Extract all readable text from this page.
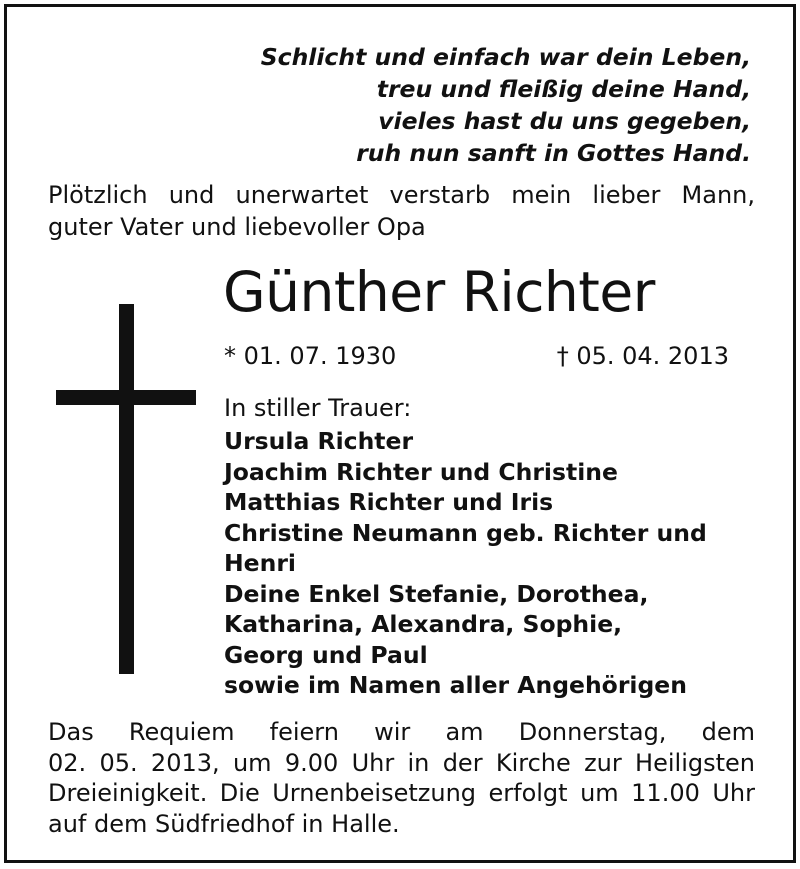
Schlicht und einfach war dein Leben,
treu und fleißig deine Hand,
vieles hast du uns gegeben,
ruh nun sanft in Gottes Hand.
Plötzlich und unerwartet verstarb mein lieber Mann,
guter Vater und liebevoller Opa
Günther Richter
* 01. 07. 1930	† 05. 04. 2013
In stiller Trauer:
Ursula Richter
Joachim Richter und Christine
Matthias Richter und Iris
Christine Neumann geb. Richter und
Henri
Deine Enkel Stefanie, Dorothea,
Katharina, Alexandra, Sophie,
Georg und Paul
sowie im Namen aller Angehörigen
Das Requiem feiern wir am Donnerstag, dem
02. 05. 2013, um 9.00 Uhr in der Kirche zur Heiligsten
Dreieinigkeit. Die Urnenbeisetzung erfolgt um 11.00 Uhr
auf dem Südfriedhof in Halle.
